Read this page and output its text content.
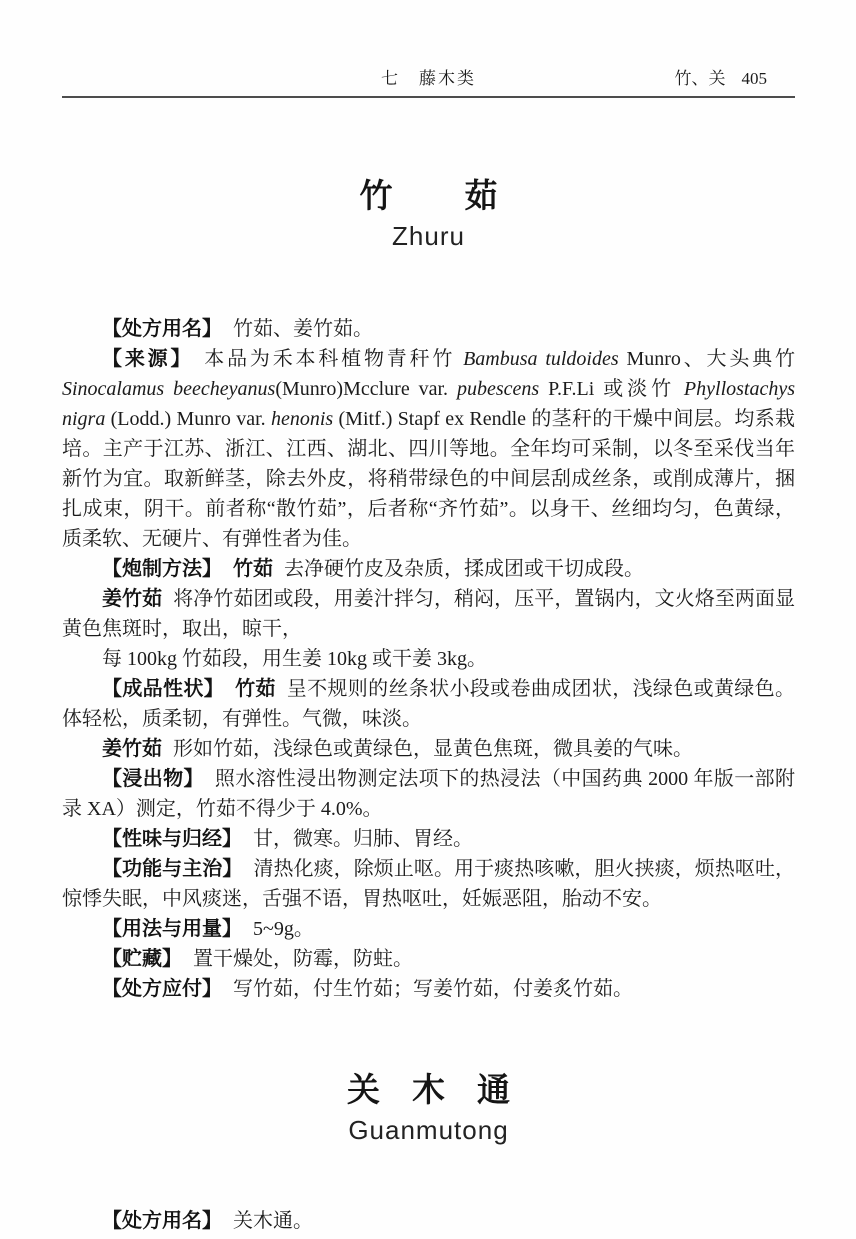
七　藤木类	竹、关 405
竹茹
Zhuru

【处方用名】 竹茹、姜竹茹。

【来源】 本品为禾本科植物青秆竹 Bambusa tuldoides Munro、大头典竹 Sinocalamus beecheyanus(Munro)Mcclure var. pubescens P.F.Li 或淡竹 Phyllostachys nigra (Lodd.) Munro var. henonis (Mitf.) Stapf ex Rendle 的茎秆的干燥中间层。均系栽培。主产于江苏、浙江、江西、湖北、四川等地。全年均可采制，以冬至采伐当年新竹为宜。取新鲜茎，除去外皮，将稍带绿色的中间层刮成丝条，或削成薄片，捆扎成束，阴干。前者称“散竹茹”，后者称“齐竹茹”。以身干、丝细均匀，色黄绿，质柔软、无硬片、有弹性者为佳。

【炮制方法】 竹茹 去净硬竹皮及杂质，揉成团或干切成段。

姜竹茹 将净竹茹团或段，用姜汁拌匀，稍闷，压平，置锅内，文火烙至两面显黄色焦斑时，取出，晾干，

每 100kg 竹茹段，用生姜 10kg 或干姜 3kg。

【成品性状】 竹茹 呈不规则的丝条状小段或卷曲成团状，浅绿色或黄绿色。体轻松，质柔韧，有弹性。气微，味淡。

姜竹茹 形如竹茹，浅绿色或黄绿色，显黄色焦斑，微具姜的气味。

【浸出物】 照水溶性浸出物测定法项下的热浸法（中国药典 2000 年版一部附录 XA）测定，竹茹不得少于 4.0%。

【性味与归经】 甘，微寒。归肺、胃经。

【功能与主治】 清热化痰，除烦止呕。用于痰热咳嗽，胆火挟痰，烦热呕吐，惊悸失眠，中风痰迷，舌强不语，胃热呕吐，妊娠恶阻，胎动不安。

【用法与用量】 5~9g。

【贮藏】 置干燥处，防霉，防蛀。

【处方应付】 写竹茹，付生竹茹；写姜竹茹，付姜炙竹茹。

关木通
Guanmutong

【处方用名】 关木通。
